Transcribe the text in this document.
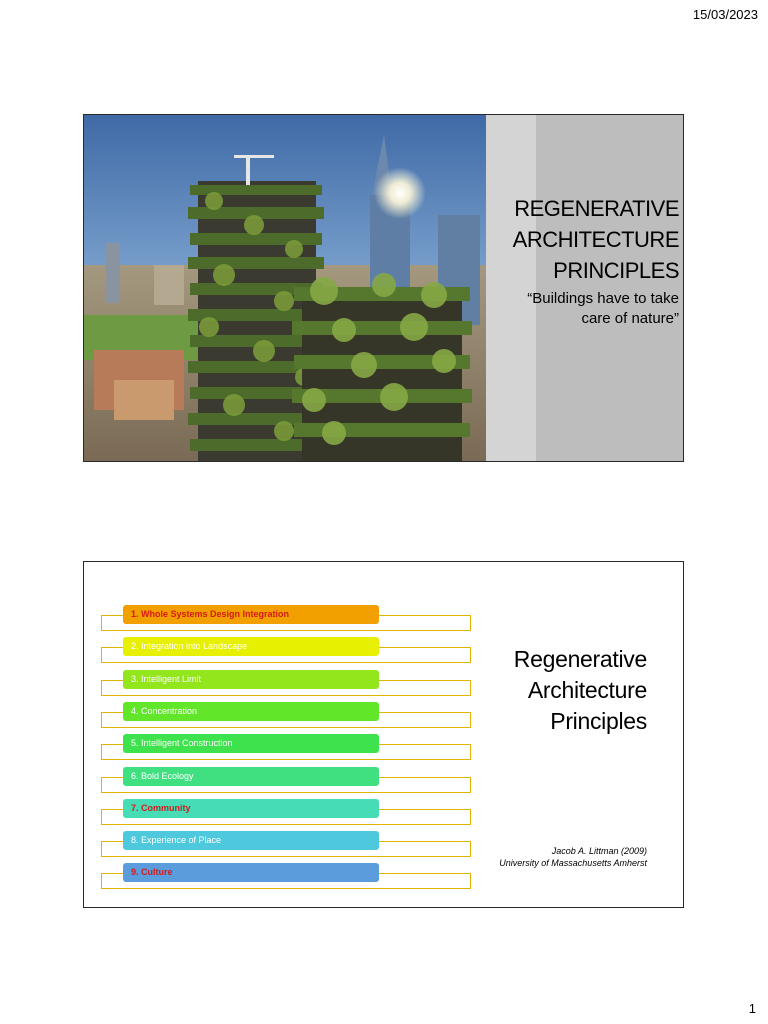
15/03/2023
REGENERATIVE
ARCHITECTURE
PRINCIPLES
“Buildings have to take
care of nature”
1. Whole Systems Design Integration
2. Integration into Landscape
3. Intelligent Limit
4. Concentration
5. Intelligent Construction
6. Bold Ecology
7. Community
8. Experience of Place
9. Culture
Regenerative
Architecture
Principles
Jacob A. Littman (2009)
University of Massachusetts Amherst
1
